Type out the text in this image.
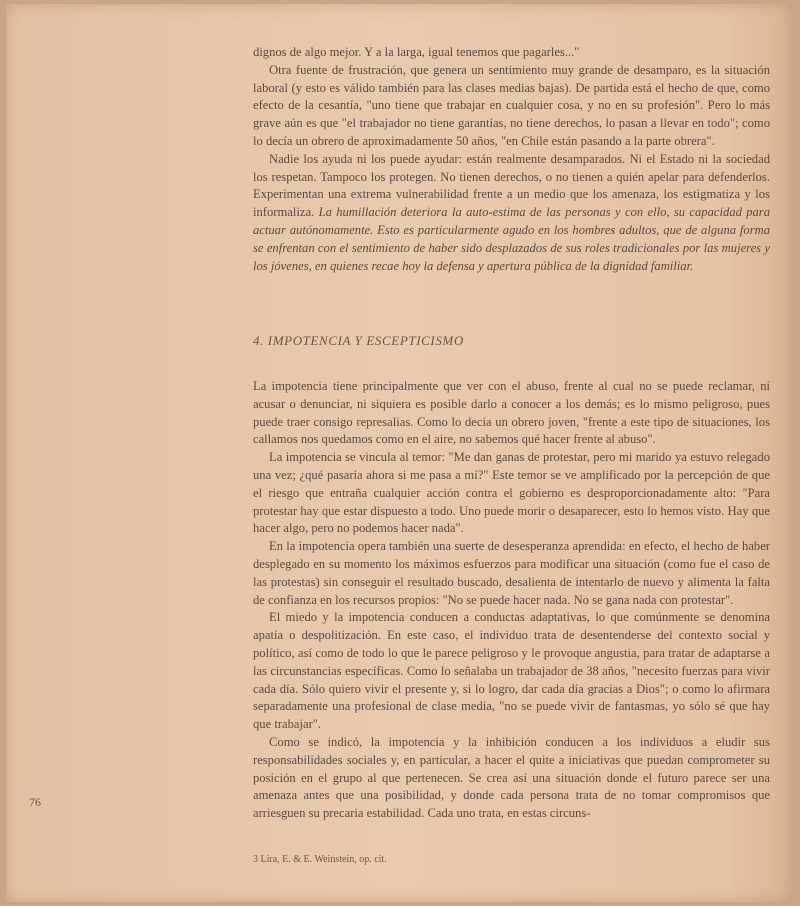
dignos de algo mejor. Y a la larga, igual tenemos que pagarles..."

Otra fuente de frustración, que genera un sentimiento muy grande de desamparo, es la situación laboral (y esto es válido también para las clases medias bajas). De partida está el hecho de que, como efecto de la cesantía, "uno tiene que trabajar en cualquier cosa, y no en su profesión". Pero lo más grave aún es que "el trabajador no tiene garantías, no tiene derechos, lo pasan a llevar en todo"; como lo decía un obrero de aproximadamente 50 años, "en Chile están pasando a la parte obrera".

Nadie los ayuda ni los puede ayudar: están realmente desamparados. Ni el Estado ni la sociedad los respetan. Tampoco los protegen. No tienen derechos, o no tienen a quién apelar para defenderlos. Experimentan una extrema vulnerabilidad frente a un medio que los amenaza, los estigmatiza y los informaliza. La humillación deteriora la auto-estima de las personas y con ello, su capacidad para actuar autónomamente. Esto es particularmente agudo en los hombres adultos, que de alguna forma se enfrentan con el sentimiento de haber sido desplazados de sus roles tradicionales por las mujeres y los jóvenes, en quienes recae hoy la defensa y apertura pública de la dignidad familiar.

4. IMPOTENCIA Y ESCEPTICISMO

La impotencia tiene principalmente que ver con el abuso, frente al cual no se puede reclamar, ni acusar o denunciar, ni siquiera es posible darlo a conocer a los demás; es lo mismo peligroso, pues puede traer consigo represalias. Como lo decía un obrero joven, "frente a este tipo de situaciones, los callamos nos quedamos como en el aire, no sabemos qué hacer frente al abuso".

La impotencia se vincula al temor: "Me dan ganas de protestar, pero mi marido ya estuvo relegado una vez; ¿qué pasaría ahora si me pasa a mí?" Este temor se ve amplificado por la percepción de que el riesgo que entraña cualquier acción contra el gobierno es desproporcionadamente alto: "Para protestar hay que estar dispuesto a todo. Uno puede morir o desaparecer, esto lo hemos visto. Hay que hacer algo, pero no podemos hacer nada".

En la impotencia opera también una suerte de desesperanza aprendida: en efecto, el hecho de haber desplegado en su momento los máximos esfuerzos para modificar una situación (como fue el caso de las protestas) sin conseguir el resultado buscado, desalienta de intentarlo de nuevo y alimenta la falta de confianza en los recursos propios: "No se puede hacer nada. No se gana nada con protestar".

El miedo y la impotencia conducen a conductas adaptativas, lo que comúnmente se denomina apatía o despolitización. En este caso, el individuo trata de desentenderse del contexto social y político, así como de todo lo que le parece peligroso y le provoque angustia, para tratar de adaptarse a las circunstancias específicas. Como lo señalaba un trabajador de 38 años, "necesito fuerzas para vivir cada día. Sólo quiero vivir el presente y, si lo logro, dar cada día gracias a Dios"; o como lo afirmara separadamente una profesional de clase media, "no se puede vivir de fantasmas, yo sólo sé que hay que trabajar".

Como se indicó, la impotencia y la inhibición conducen a los individuos a eludir sus responsabilidades sociales y, en particular, a hacer el quite a iniciativas que puedan comprometer su posición en el grupo al que pertenecen. Se crea así una situación donde el futuro parece ser una amenaza antes que una posibilidad, y donde cada persona trata de no tomar compromisos que arriesguen su precaria estabilidad. Cada uno trata, en estas circuns-

76
3 Lira, E. & E. Weinstein, op. cit.
